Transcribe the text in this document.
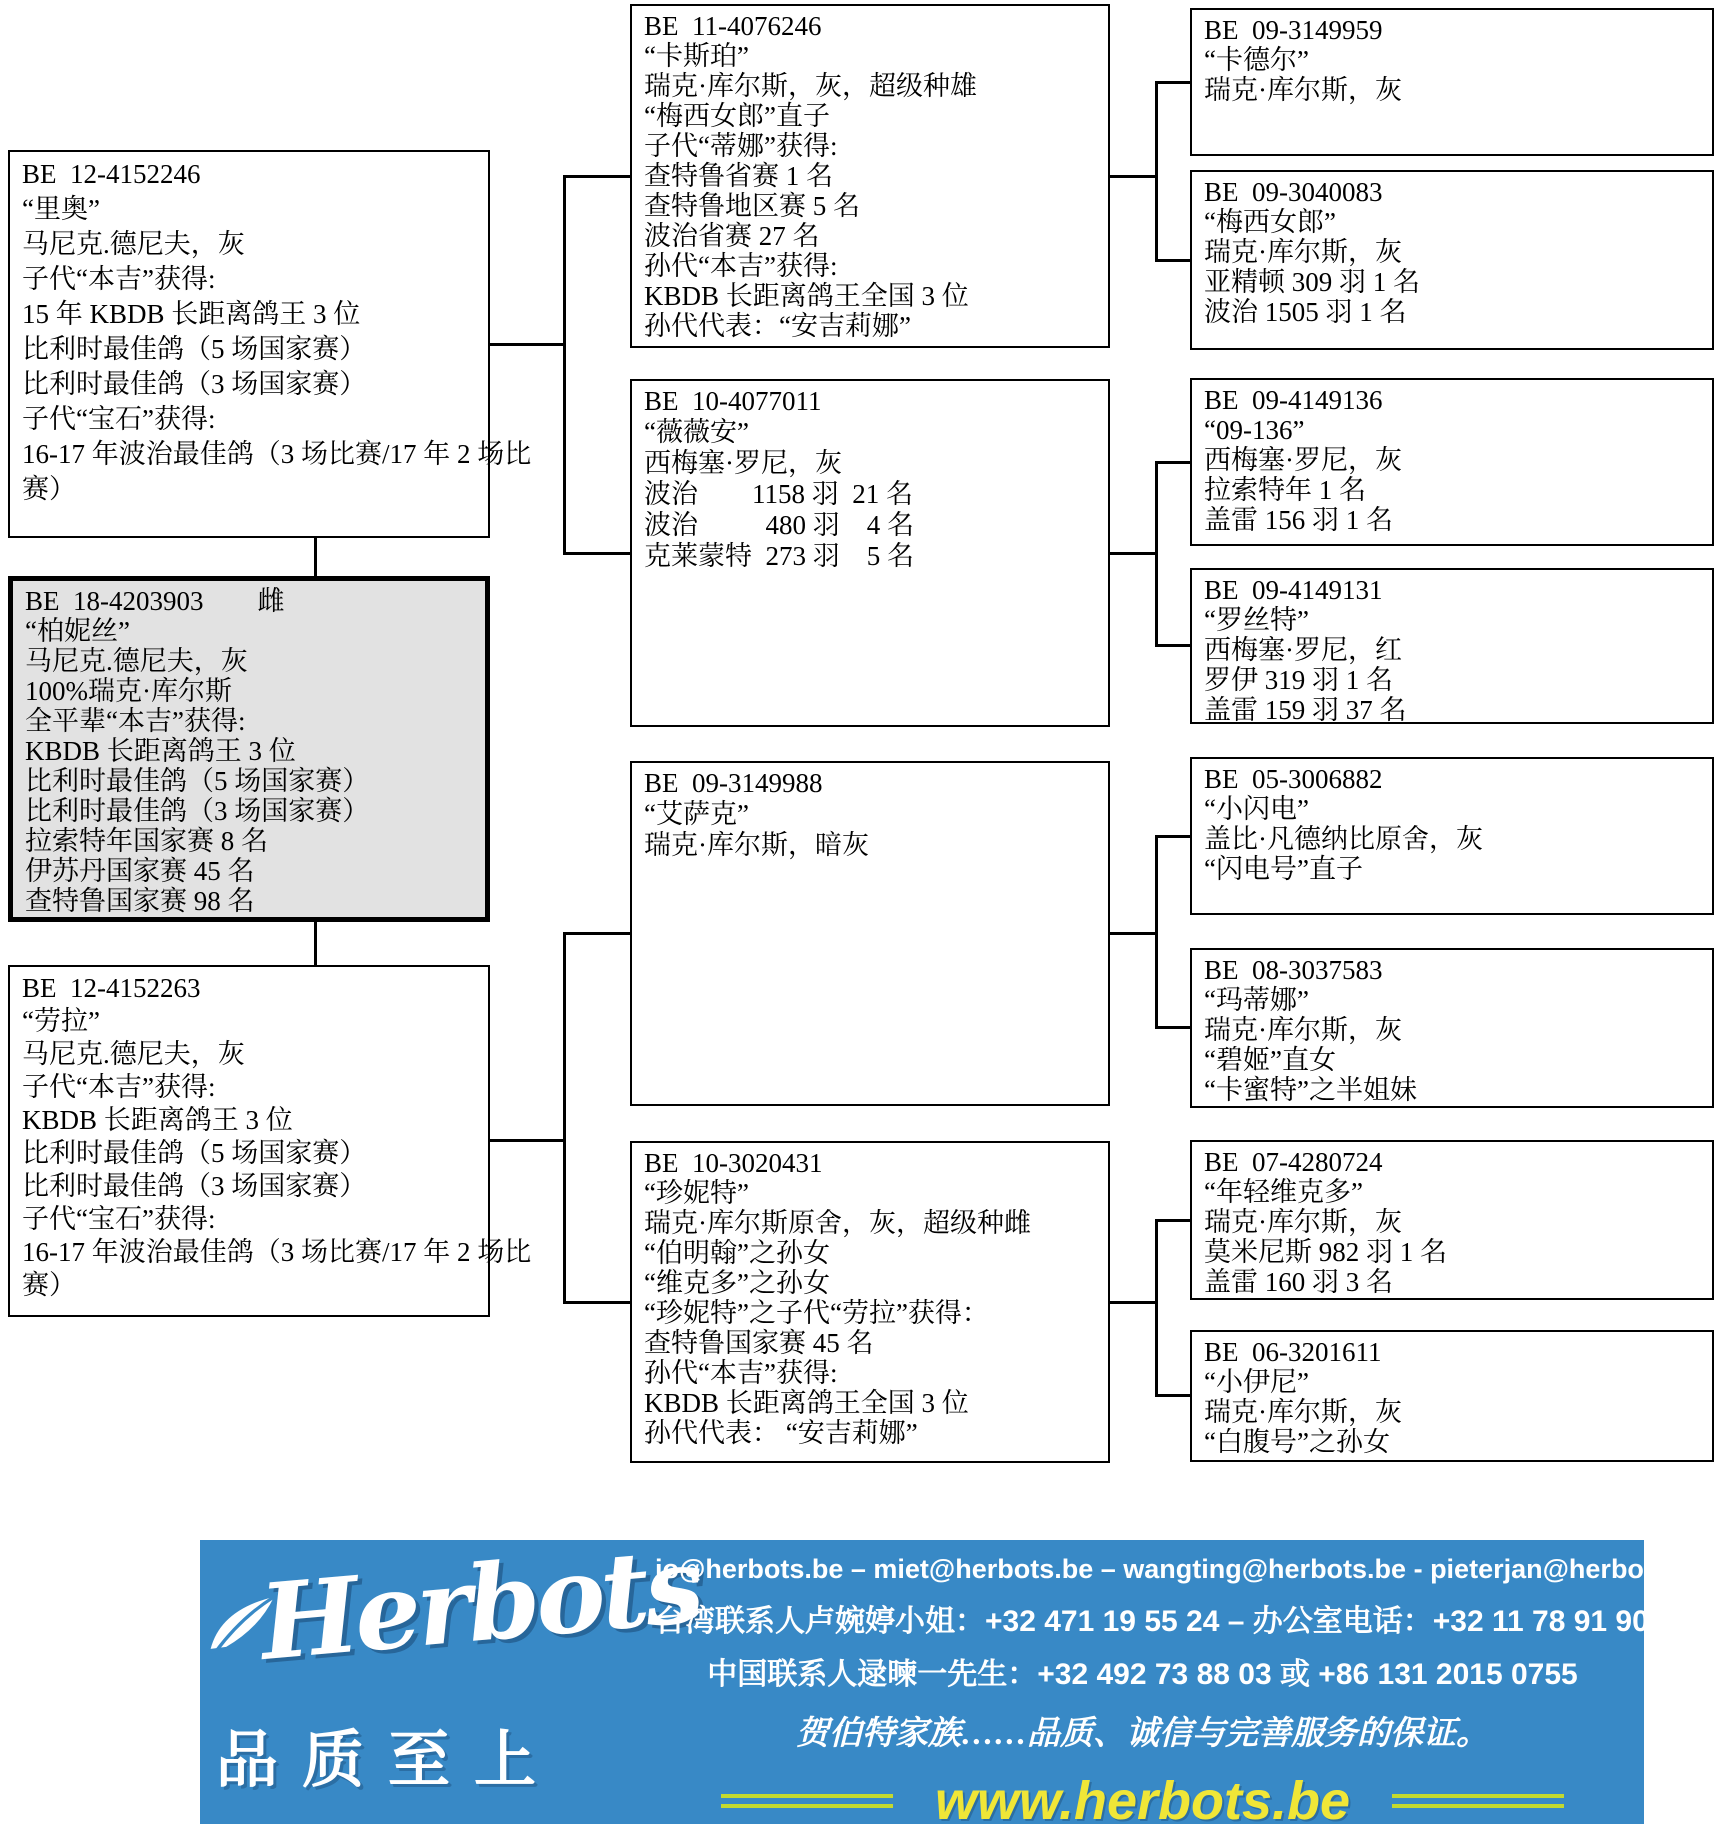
BE  12-4152246
“里奥”
马尼克.德尼夫，灰
子代“本吉”获得:
15 年 KBDB 长距离鸽王 3 位
比利时最佳鸽（5 场国家赛）
比利时最佳鸽（3 场国家赛）
子代“宝石”获得:
16-17 年波治最佳鸽（3 场比赛/17 年 2 场比
赛）
BE  18-4203903　　雌
“柏妮丝”
马尼克.德尼夫，灰
100%瑞克·库尔斯
全平辈“本吉”获得:
KBDB 长距离鸽王 3 位
比利时最佳鸽（5 场国家赛）
比利时最佳鸽（3 场国家赛）
拉索特年国家赛 8 名
伊苏丹国家赛 45 名
查特鲁国家赛 98 名
BE  12-4152263
“劳拉”
马尼克.德尼夫，灰
子代“本吉”获得:
KBDB 长距离鸽王 3 位
比利时最佳鸽（5 场国家赛）
比利时最佳鸽（3 场国家赛）
子代“宝石”获得:
16-17 年波治最佳鸽（3 场比赛/17 年 2 场比
赛）
BE  11-4076246
“卡斯珀”
瑞克·库尔斯，灰，超级种雄
“梅西女郎”直子
子代“蒂娜”获得:
查特鲁省赛 1 名
查特鲁地区赛 5 名
波治省赛 27 名
孙代“本吉”获得:
KBDB 长距离鸽王全国 3 位
孙代代表：“安吉莉娜”
BE  10-4077011
“薇薇安”
西梅塞·罗尼，灰
波治        1158 羽  21 名
波治          480 羽    4 名
克莱蒙特  273 羽    5 名
BE  09-3149988
“艾萨克”
瑞克·库尔斯，暗灰
BE  10-3020431
“珍妮特”
瑞克·库尔斯原舍，灰，超级种雌
“伯明翰”之孙女
“维克多”之孙女
“珍妮特”之子代“劳拉”获得：
查特鲁国家赛 45 名
孙代“本吉”获得:
KBDB 长距离鸽王全国 3 位
孙代代表： “安吉莉娜”
BE  09-3149959
“卡德尔”
瑞克·库尔斯，灰
BE  09-3040083
“梅西女郎”
瑞克·库尔斯，灰
亚精顿 309 羽 1 名
波治 1505 羽 1 名
BE  09-4149136
“09-136”
西梅塞·罗尼，灰
拉索特年 1 名
盖雷 156 羽 1 名
BE  09-4149131
“罗丝特”
西梅塞·罗尼，红
罗伊 319 羽 1 名
盖雷 159 羽 37 名
BE  05-3006882
“小闪电”
盖比·凡德纳比原舍，灰
“闪电号”直子
BE  08-3037583
“玛蒂娜”
瑞克·库尔斯，灰
“碧姬”直女
“卡蜜特”之半姐妹
BE  07-4280724
“年轻维克多”
瑞克·库尔斯，灰
莫米尼斯 982 羽 1 名
盖雷 160 羽 3 名
BE  06-3201611
“小伊尼”
瑞克·库尔斯，灰
“白腹号”之孙女
Herbots
品质至上
jo@herbots.be – miet@herbots.be – wangting@herbots.be - pieterjan@herbots.be
台湾联系人卢婉婷小姐：+32 471 19 55 24 – 办公室电话：+32 11 78 91 90
中国联系人逯暕一先生：+32 492 73 88 03 或 +86 131 2015 0755
贺伯特家族……品质、诚信与完善服务的保证。
www.herbots.be
